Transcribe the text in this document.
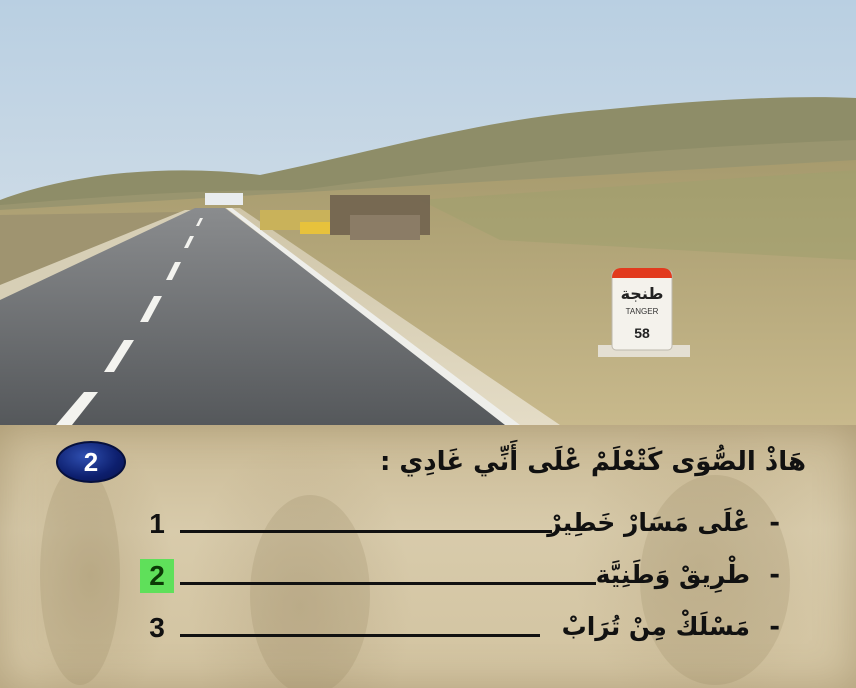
طنجة
TANGER
58
2	هَاذْ الصُّوَى كَتْعْلَمْ عْلَى أَنِّي غَادِي :
1	عْلَى مَسَارْ خَطِيرْ -
2	طْرِيقْ وَطَنِيَّة -
3	مَسْلَكْ مِنْ تُرَابْ -
